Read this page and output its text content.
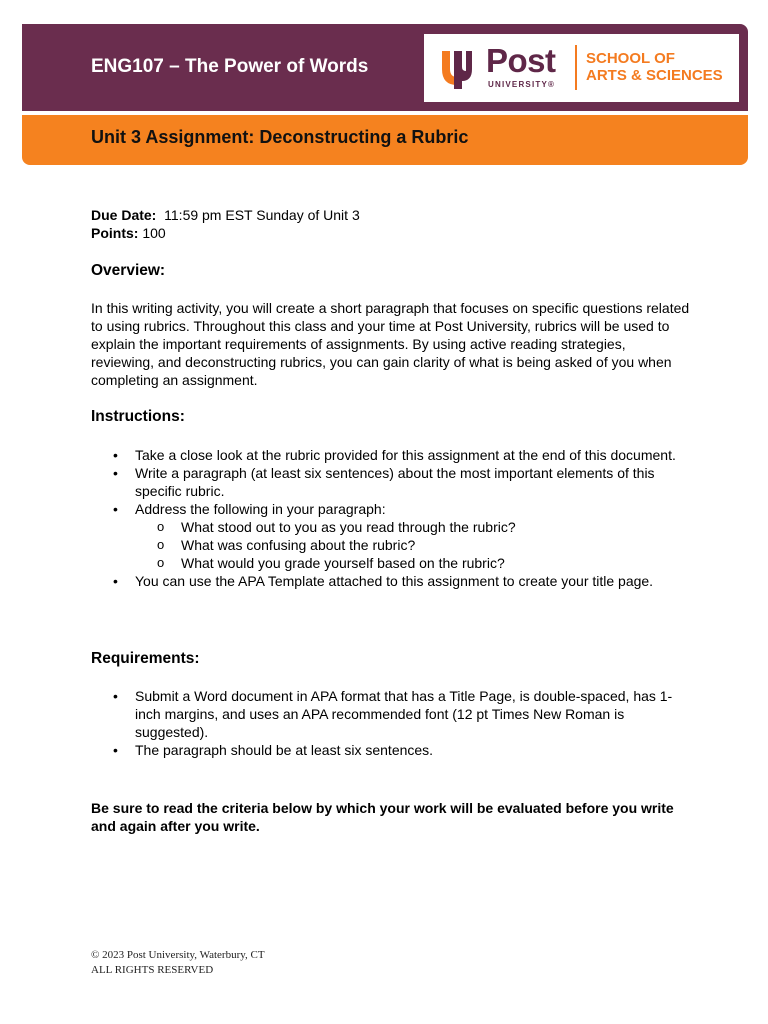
ENG107 – The Power of Words	Post
UNIVERSITY®
SCHOOL OF
ARTS & SCIENCES
Unit 3 Assignment: Deconstructing a Rubric
Due Date: 11:59 pm EST Sunday of Unit 3
Points: 100
Overview:

In this writing activity, you will create a short paragraph that focuses on specific questions related to using rubrics. Throughout this class and your time at Post University, rubrics will be used to explain the important requirements of assignments. By using active reading strategies, reviewing, and deconstructing rubrics, you can gain clarity of what is being asked of you when completing an assignment.

Instructions:
• Take a close look at the rubric provided for this assignment at the end of this document.
• Write a paragraph (at least six sentences) about the most important elements of this specific rubric.
• Address the following in your paragraph:
o What stood out to you as you read through the rubric?
o What was confusing about the rubric?
o What would you grade yourself based on the rubric?
• You can use the APA Template attached to this assignment to create your title page.
Requirements:
• Submit a Word document in APA format that has a Title Page, is double-spaced, has 1-inch margins, and uses an APA recommended font (12 pt Times New Roman is suggested).
• The paragraph should be at least six sentences.

Be sure to read the criteria below by which your work will be evaluated before you write and again after you write.

© 2023 Post University, Waterbury, CT
ALL RIGHTS RESERVED
